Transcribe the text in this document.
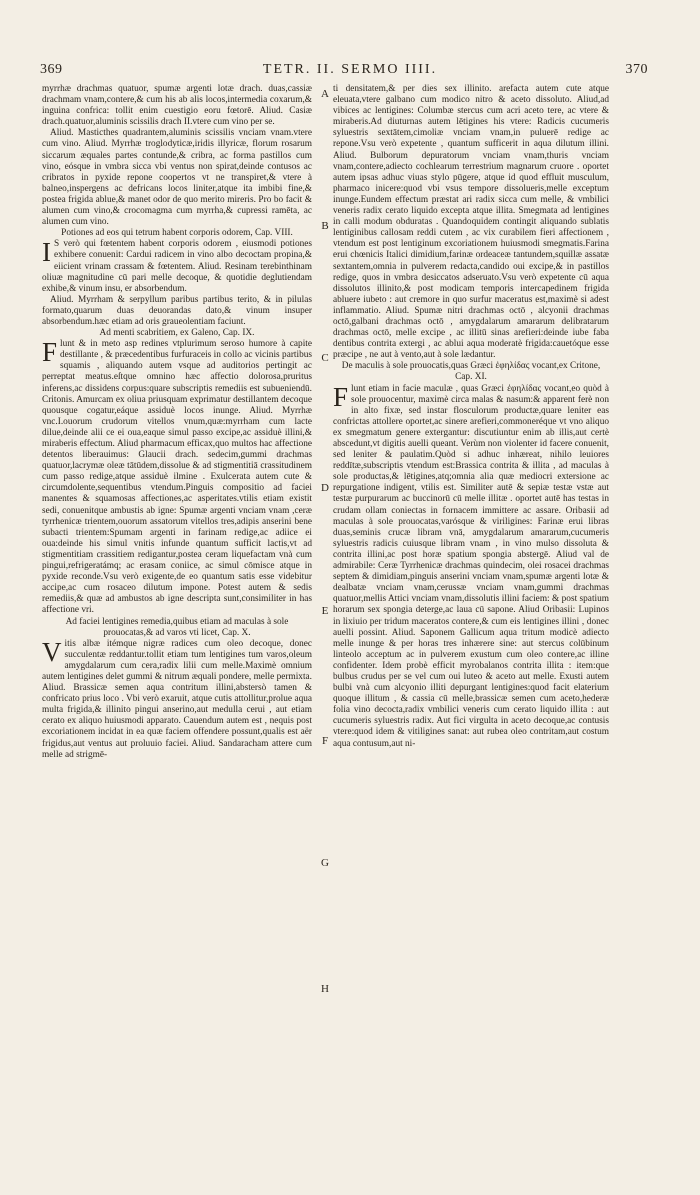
369	TETR. II. SERMO IIII.	370
A
B
C
D
E
F
G
H

myrrhæ drachmas quatuor, spumæ argenti lotæ drach. duas,cassiæ drachmam vnam,contere,& cum his ab alis locos,intermedia coxarum,& inguina confrica: tollit enim cuestigio eoru fœtorē. Aliud. Casiæ drach.quatuor,aluminis scissilis drach II.vtere cum vino per se.

Aliud. Masticthes quadrantem,aluminis scissilis vnciam vnam.vtere cum vino. Aliud. Myrrhæ troglodyticæ,iridis illyricæ, florum rosarum siccarum æquales partes contunde,& cribra, ac forma pastillos cum vino, eósque in vmbra sicca vbi ventus non spirat,deinde contusos ac cribratos in pyxide repone coopertos vt ne transpiret,& vtere à balneo,inspergens ac defricans locos liniter,atque ita imbibi fine,& postea frigida ablue,& manet odor de quo merito mireris. Pro bo facit & alumen cum vino,& crocomagma cum myrrha,& cupressi ramēta, ac alumen cum vino.

Potiones ad eos qui tetrum habent corporis odorem, Cap. VIII.

I S verò qui fœtentem habent corporis odorem , eiusmodi potiones exhibere conuenit: Cardui radicem in vino albo decoctam propina,& eiicient vrinam crassam & fœtentem. Aliud. Resinam terebinthinam oliuæ magnitudine cū pari melle decoque, & quotidie deglutiendam exhibe,& vinum insu, er absorbendum.

Aliud. Myrrham & serpyllum paribus partibus terito, & in pilulas formato,quarum duas deuorandas dato,& vinum insuper absorbendum.hæc etiam ad oris graueolentiam faciunt.

Ad menti scabritiem, ex Galeno, Cap. IX.

Flunt & in meto asp redines vtplurimum seroso humore à capite destillante , & præcedentibus furfuraceis in collo ac vicinis partibus squamis , aliquando autem vsque ad auditorios pertingit ac perreptat meatus.eſtque omnino hæc affectio dolorosa,pruritus inferens,ac dissidens corpus:quare subscriptis remediis est subueniendū. Critonis. Amurcam ex oliua priusquam exprimatur destillantem decoque quousque cogatur,eáque assiduè locos inunge. Aliud. Myrrhæ vnc.I.ouorum crudorum vitellos vnum,quæ:myrrham cum lacte dilue,deinde alii ce ei oua,eaque simul passo excipe,ac assiduè illini,& miraberis effectum. Aliud pharmacum efficax,quo multos hac affectione detentos liberauimus: Glaucii drach. sedecim,gummi drachmas quatuor,lacrymæ oleæ tātūdem,dissolue & ad stigmentitiā crassitudinem cum passo redige,atque assiduè ilmine . Exulcerata autem cute & circumdolente,sequentibus vtendum.Pinguis compositio ad faciei manentes & squamosas affectiones,ac asperitates.vtilis etiam existit sedi, conuenitque ambustis ab igne: Spumæ argenti vnciam vnam ,ceræ tyrrhenicæ trientem,ouorum assatorum vitellos tres,adipis anserini bene subacti trientem:Spumam argenti in farinam redige,ac adiice ei oua:deinde his simul vnitis infunde quantum sufficit lactis,vt ad stigmentitiam crassitiem redigantur,postea ceram liquefactam vnà cum pingui,refrigeratámq; ac erasam coniice, ac simul cōmisce atque in pyxide reconde.Vsu verò exigente,de eo quantum satis esse videbitur accipe,ac cum rosaceo dilutum impone. Potest autem & sedis remediis,& quæ ad ambustos ab igne descripta sunt,consimiliter in has affectione vri.

Ad faciei lentigines remedia,quibus etiam ad maculas à sole prouocatas,& ad varos vti licet, Cap. X.

Vitis albæ itémque nigræ radices cum oleo decoque, donec succulentæ reddantur.tollit etiam tum lentigines tum varos,oleum amygdalarum cum cera,radix lilii cum melle.Maximè omnium autem lentigines delet gummi & nitrum æquali pondere, melle permixta. Aliud. Brassicæ semen aqua contritum illini,abstersò tamen & confricato prius loco . Vbi verò exaruit, atque cutis attollitur,prolue aqua multa frigida,& illinito pingui anserino,aut medulla cerui , aut etiam cerato ex aliquo huiusmodi apparato. Cauendum autem est , nequis post excoriationem incidat in ea quæ faciem offendere possunt,qualis est aër frigidus,aut ventus aut proluuio faciei. Aliud. Sandaracham attere cum melle ad strigmē-

ti densitatem,& per dies sex illinito. arefacta autem cute atque eleuata,vtere galbano cum modico nitro & aceto dissoluto. Aliud,ad vibices ac lentigines: Columbæ stercus cum acri aceto tere, ac vtere & miraberis.Ad diuturnas autem lētigines his vtere: Radicis cucumeris syluestris sextātem,cimoliæ vnciam vnam,in puluerē redige ac repone.Vsu verò expetente , quantum sufficerit in aqua dilutum illini. Aliud. Bulborum depuratorum vnciam vnam,thuris vnciam vnam,contere,adiecto cochlearum terrestrium magnarum cruore . oportet autem ipsas adhuc viuas stylo pūgere, atque id quod effluit musculum, pharmaco inicere:quod vbi vsus tempore dissolueris,melle exceptum inunge.Eundem effectum præstat ari radix sicca cum melle, & vmbilici veneris radix cerato liquido excepta atque illita. Smegmata ad lentigines in calli modum obduratas . Quandoquidem contingit aliquando sublatis lentiginibus callosam reddi cutem , ac vix curabilem fieri affectionem , vtendum est post lentiginum excoriationem huiusmodi smegmatis.Farina erui chœnicis Italici dimidium,farinæ ordeaceæ tantundem,squillæ assatæ sextantem,omnia in pulverem redacta,candido oui excipe,& in pastillos redige, quos in vmbra desiccatos adseruato.Vsu verò expetente cū aqua dissolutos illinito,& post modicam temporis intercapedinem frigida abluere iubeto : aut cremore in quo surfur maceratus est,maximè si adest inflammatio. Aliud. Spumæ nitri drachmas octō , alcyonii drachmas octō,galbani drachmas octō , amygdalarum amararum delibratarum drachmas octō, melle excipe , ac illitū sinas arefieri:deinde iube faba dentibus contrita extergi , ac ablui aqua moderatè frigida:cauetóque esse præcipe , ne aut à vento,aut à sole lædantur.

De maculis à sole prouocatis,quas Græci ἐφηλίδας vocant,ex Critone, Cap. XI.

Flunt etiam in facie maculæ , quas Græci ἐφηλίδας vocant,eo quòd à sole prouocentur, maximè circa malas & nasum:& apparent ferè non in alto fixæ, sed instar flosculorum productæ,quare leniter eas confrictas attollere oportet,ac sinere arefieri,commoneréque vt vno aliquo ex smegmatum genere extergantur: discutiuntur enim ab illis,aut certè abscedunt,vt digitis auelli queant. Verùm non violenter id facere conuenit, sed leniter & paulatim.Quòd si adhuc inhæreat, nihilo leuiores reddītæ,subscriptis vtendum est:Brassica contrita & illita , ad maculas à sole productas,& lētigines,atq;omnia alia quæ mediocri extersione ac repurgatione indigent, vtilis est. Similiter autē & sepiæ testæ vstæ aut testæ purpurarum ac buccinorū cū melle illitæ . oportet autē has testas in crudam ollam coniectas in fornacem immittere ac assare. Oribasii ad maculas à sole prouocatas,varósque & viriligines: Farinæ erui libras duas,seminis crucæ libram vnā, amygdalarum amararum,cucumeris syluestris radicis cuiusque libram vnam , in vino mulso dissoluta & contrita illini,ac post horæ spatium spongia abstergē. Aliud val de admirabile: Ceræ Tyrrhenicæ drachmas quindecim, olei rosacei drachmas septem & dimidiam,pinguis anserini vnciam vnam,spumæ argenti lotæ & dealbatæ vnciam vnam,cerussæ vnciam vnam,gummi drachmas quatuor,mellis Attici vnciam vnam,dissolutis illini faciem: & post spatium horarum sex spongia deterge,ac laua cū sapone. Aliud Oribasii: Lupinos in lixiuio per tridum maceratos contere,& cum eis lentigines illini , donec auelli possint. Aliud. Saponem Gallicum aqua tritum modicè adiecto melle inunge & per horas tres inhærere sine: aut stercus colūbinum linteolo acceptum ac in pulverem exustum cum oleo contere,ac illine confidenter. Idem probè efficit myrobalanos contrita illita : item:que bulbus crudus per se vel cum oui luteo & aceto aut melle. Exusti autem bulbi vnà cum alcyonio illiti depurgant lentigines:quod facit elaterium quoque illitum , & cassia cū melle,brassicæ semen cum aceto,hederæ folia vino decocta,radix vmbilici veneris cum cerato liquido illita : aut cucumeris syluestris radix. Aut fici virgulta in aceto decoque,ac contusis vtere:quod idem & vitiligines sanat: aut rubea oleo contritam,aut costum aqua contusum,aut ni-
